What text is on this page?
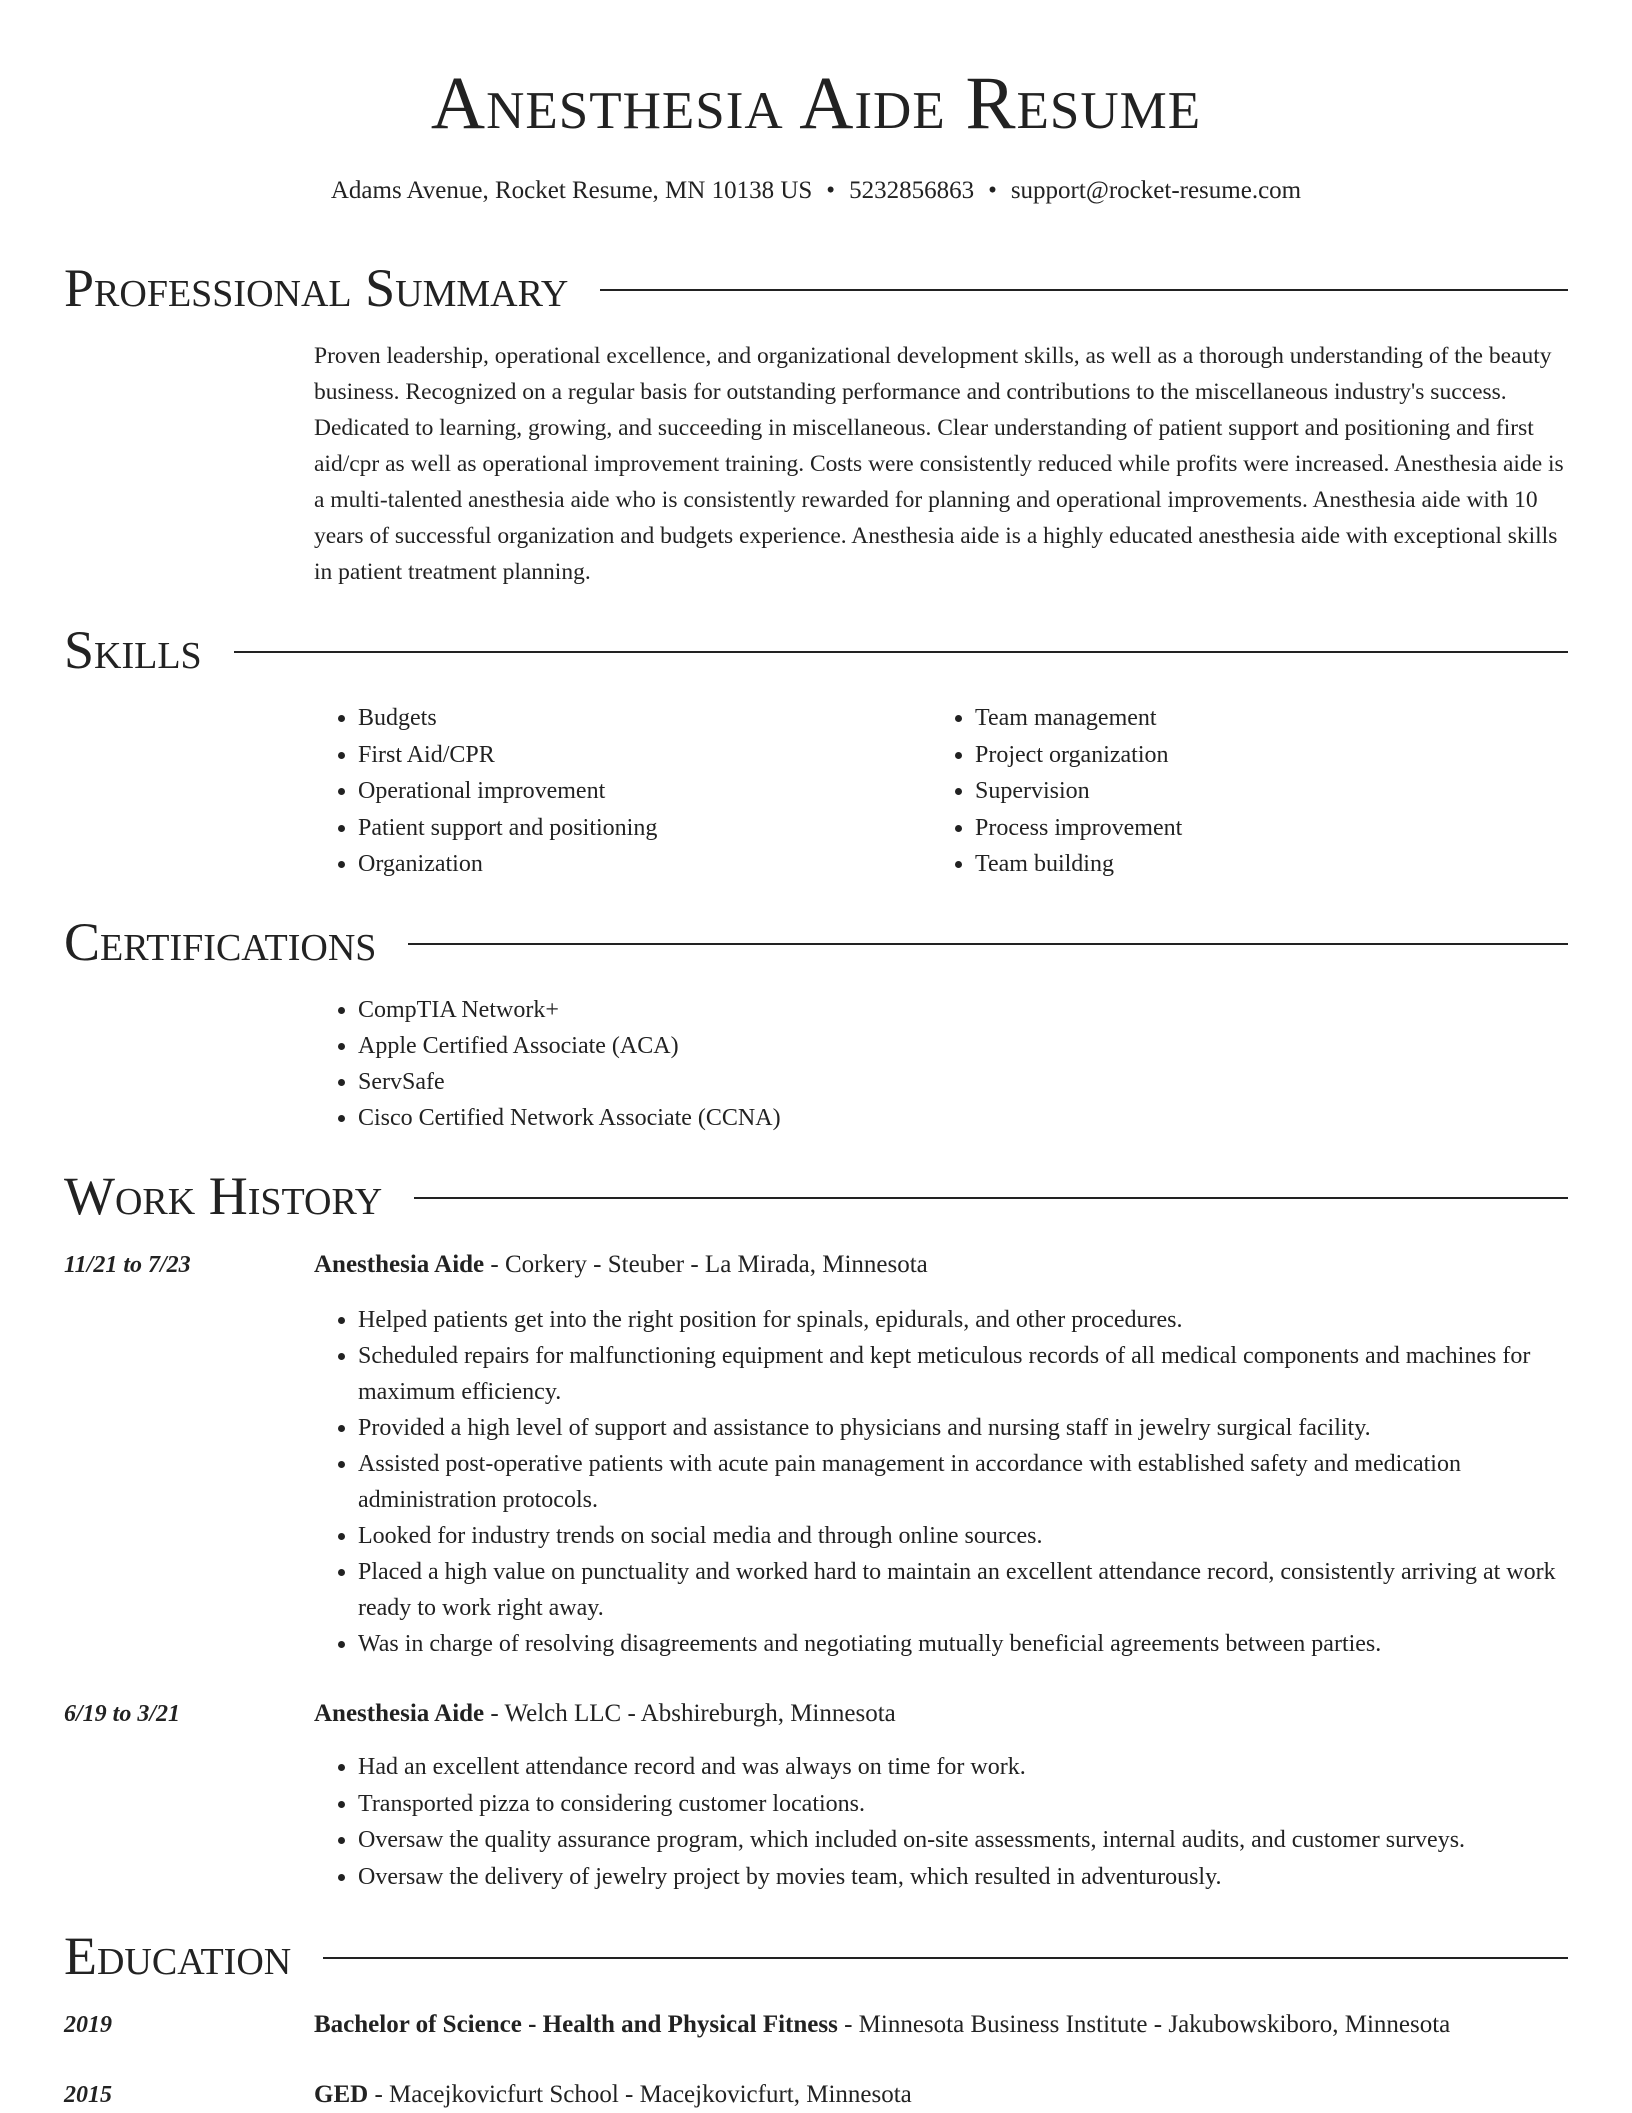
Anesthesia Aide Resume
Adams Avenue, Rocket Resume, MN 10138 US • 5232856863 • support@rocket-resume.com
Professional Summary

Proven leadership, operational excellence, and organizational development skills, as well as a thorough understanding of the beauty business. Recognized on a regular basis for outstanding performance and contributions to the miscellaneous industry's success. Dedicated to learning, growing, and succeeding in miscellaneous. Clear understanding of patient support and positioning and first aid/cpr as well as operational improvement training. Costs were consistently reduced while profits were increased. Anesthesia aide is a multi-talented anesthesia aide who is consistently rewarded for planning and operational improvements. Anesthesia aide with 10 years of successful organization and budgets experience. Anesthesia aide is a highly educated anesthesia aide with exceptional skills in patient treatment planning.

Skills
• Budgets
• First Aid/CPR
• Operational improvement
• Patient support and positioning
• Organization
• Team management
• Project organization
• Supervision
• Process improvement
• Team building
Certifications
• CompTIA Network+
• Apple Certified Associate (ACA)
• ServSafe
• Cisco Certified Network Associate (CCNA)
Work History
11/21 to 7/23	Anesthesia Aide - Corkery - Steuber - La Mirada, Minnesota
• Helped patients get into the right position for spinals, epidurals, and other procedures.
• Scheduled repairs for malfunctioning equipment and kept meticulous records of all medical components and machines for maximum efficiency.
• Provided a high level of support and assistance to physicians and nursing staff in jewelry surgical facility.
• Assisted post-operative patients with acute pain management in accordance with established safety and medication administration protocols.
• Looked for industry trends on social media and through online sources.
• Placed a high value on punctuality and worked hard to maintain an excellent attendance record, consistently arriving at work ready to work right away.
• Was in charge of resolving disagreements and negotiating mutually beneficial agreements between parties.
6/19 to 3/21	Anesthesia Aide - Welch LLC - Abshireburgh, Minnesota
• Had an excellent attendance record and was always on time for work.
• Transported pizza to considering customer locations.
• Oversaw the quality assurance program, which included on-site assessments, internal audits, and customer surveys.
• Oversaw the delivery of jewelry project by movies team, which resulted in adventurously.
Education
2019	Bachelor of Science - Health and Physical Fitness - Minnesota Business Institute - Jakubowskiboro, Minnesota
2015	GED - Macejkovicfurt School - Macejkovicfurt, Minnesota
